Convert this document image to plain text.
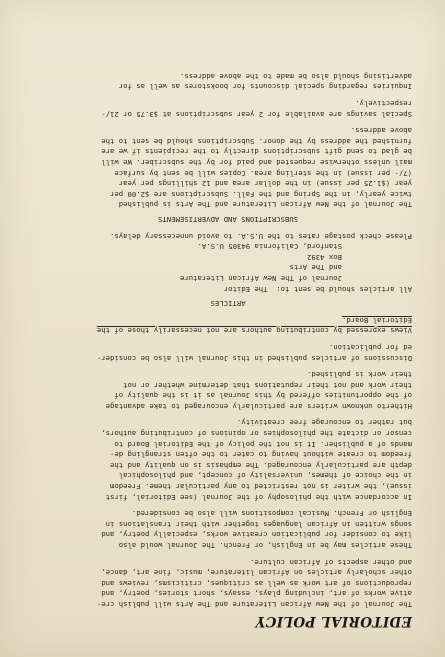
EDITORIAL POLICY

The Journal of the New African Literature and The Arts will publish cre-
ative works of art, including plays, essays, short stories, poetry, and
reproductions of art work as well as critiques, criticisms, reviews and
other scholarly articles on African literature, music, fine art, dance,
and other aspects of African culture.

These articles may be in English, or French. The Journal would also
like to consider for publication creative works, especially poetry, and
songs written in African languages together with their translations in
English or French. Musical compositions will also be considered.

In accordance with the philosophy of the Journal (see Editorial, first
issue), the writer is not restricted to any particular theme. Freedom
in the choice of themes, universality of concept, and philosophical
depth are particularly encouraged. The emphasis is on quality and the
freedom to create without having to cater to the often strangling de-
mands of a publisher. It is not the policy of the Editorial Board to
censor or dictate the philosophies or opinions of contributing authors,
but rather to encourage free creativity.

Hitherto unknown writers are particularly encouraged to take advantage
of the opportunities offered by this Journal as it is the quality of
their work and not their reputations that determine whether or not
their work is published.

Discussions of articles published in this Journal will also be consider-
ed for publication.

Views expressed by contributing authors are not necessarily those of the
Editorial Board.

ARTICLES

All articles should be sent to:  The Editor

Journal of The New African Literature
and The Arts
Box 4392
Stanford, California 94305 U.S.A.
Please check postage rates to the U.S.A. to avoid unnecessary delays.

SUBSCRIPTIONS AND ADVERTISEMENTS

The Journal of the New African Literature and The Arts is published
twice yearly, in the Spring and the Fall. Subscriptions are $2.00 per
year ($1.25 per issue) in the dollar area and 12 shillings per year
(7/- per issue) in the sterling area. Copies will be sent by surface
mail unless otherwise requested and paid for by the subscriber. We will
be glad to send gift subscriptions directly to the recipients if we are
furnished the address by the donor. Subscriptions should be sent to the
above address.

Special savings are available for 2 year subscriptions at $3.75 or 21/-
respectively.

Inquiries regarding special discounts for bookstores as well as for
advertising should also be made to the above address.
